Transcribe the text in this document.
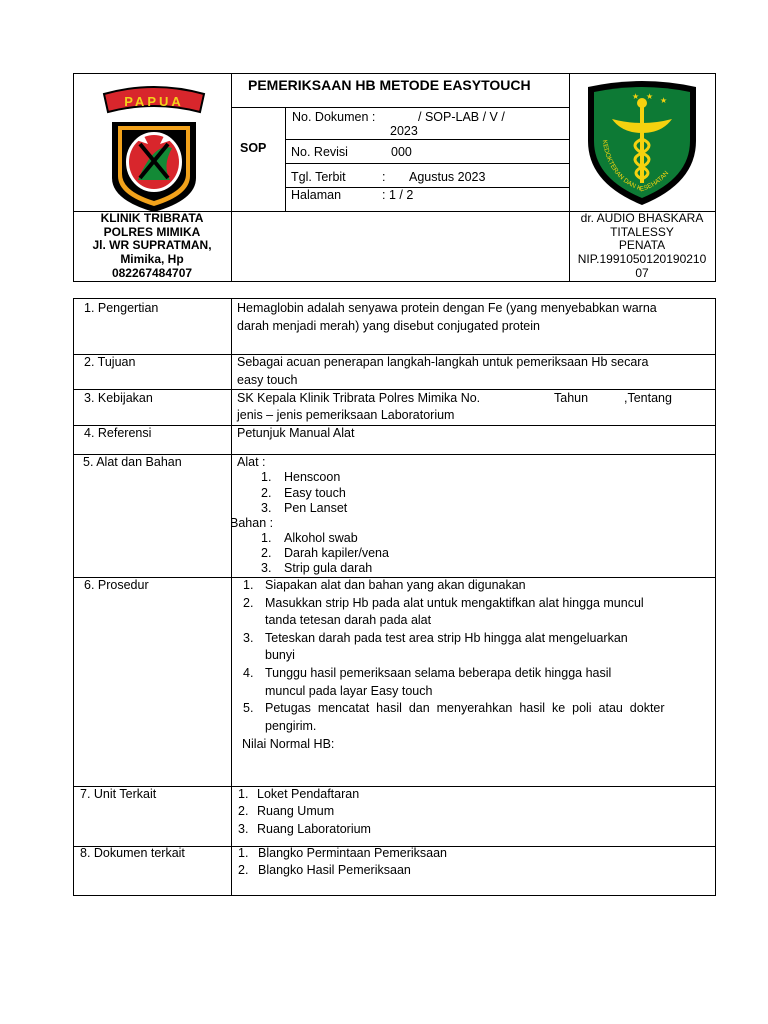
PAPUA	★ ★ ★
KEDOKTERAN DAN KESEHATAN
PEMERIKSAAN HB METODE EASYTOUCH
SOP
No. Dokumen :	/ SOP-LAB / V /
2023
No. Revisi	000
Tgl. Terbit	: Agustus 2023
Halaman	: 1 / 2
KLINIK TRIBRATA
POLRES MIMIKA
Jl. WR SUPRATMAN,
Mimika, Hp
082267484707
dr. AUDIO BHASKARA
TITALESSY
PENATA
NIP.1991050120190210
07
1. Pengertian	Hemaglobin adalah senyawa protein dengan Fe (yang menyebabkan warna
darah menjadi merah) yang disebut conjugated protein
2. Tujuan	Sebagai acuan penerapan langkah-langkah untuk pemeriksaan Hb secara
easy touch
3. Kebijakan	SK Kepala Klinik Tribrata Polres Mimika No.	Tahun	,Tentang
jenis – jenis pemeriksaan Laboratorium
4. Referensi	Petunjuk Manual Alat
5. Alat dan Bahan	Alat :
1. Henscoon
2. Easy touch
3. Pen Lanset
Bahan :
1. Alkohol swab
2. Darah kapiler/vena
3. Strip gula darah
6. Prosedur	1. Siapakan alat dan bahan yang akan digunakan
2. Masukkan strip Hb pada alat untuk mengaktifkan alat hingga muncul
tanda tetesan darah pada alat
3. Teteskan darah pada test area strip Hb hingga alat mengeluarkan
bunyi
4. Tunggu hasil pemeriksaan selama beberapa detik hingga hasil
muncul pada layar Easy touch
5. Petugas  mencatat  hasil  dan  menyerahkan  hasil  ke  poli  atau  dokter
pengirim.
Nilai Normal HB:
7. Unit Terkait	1. Loket Pendaftaran
2. Ruang Umum
3. Ruang Laboratorium
8. Dokumen terkait	1. Blangko Permintaan Pemeriksaan
2. Blangko Hasil Pemeriksaan
